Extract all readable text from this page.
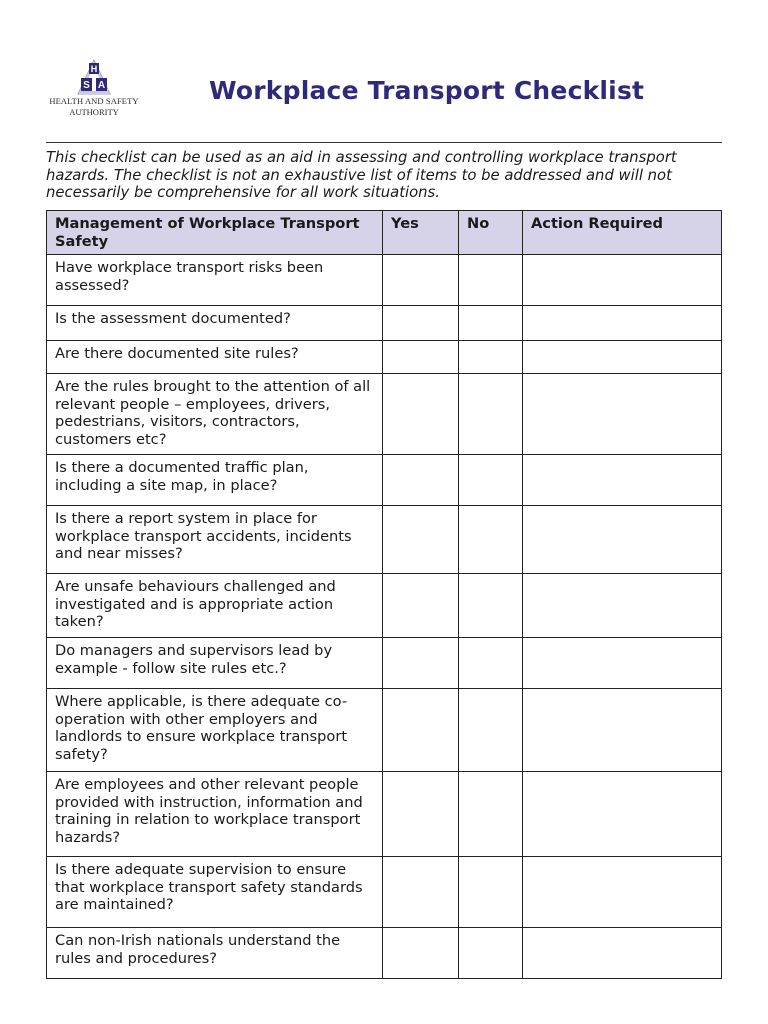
H
S A
HEALTH AND SAFETY
AUTHORITY
Workplace Transport Checklist
This checklist can be used as an aid in assessing and controlling workplace transport hazards. The checklist is not an exhaustive list of items to be addressed and will not necessarily be comprehensive for all work situations.
Management of Workplace Transport Safety	Yes	No	Action Required
Have workplace transport risks been assessed?			
Is the assessment documented?			
Are there documented site rules?			
Are the rules brought to the attention of all relevant people – employees, drivers, pedestrians, visitors, contractors, customers etc?			
Is there a documented traffic plan, including a site map, in place?			
Is there a report system in place for workplace transport accidents, incidents and near misses?			
Are unsafe behaviours challenged and investigated and is appropriate action taken?			
Do managers and supervisors lead by example - follow site rules etc.?			
Where applicable, is there adequate co-operation with other employers and landlords to ensure workplace transport safety?			
Are employees and other relevant people provided with instruction, information and training in relation to workplace transport hazards?			
Is there adequate supervision to ensure that workplace transport safety standards are maintained?			
Can non-Irish nationals understand the rules and procedures?			
